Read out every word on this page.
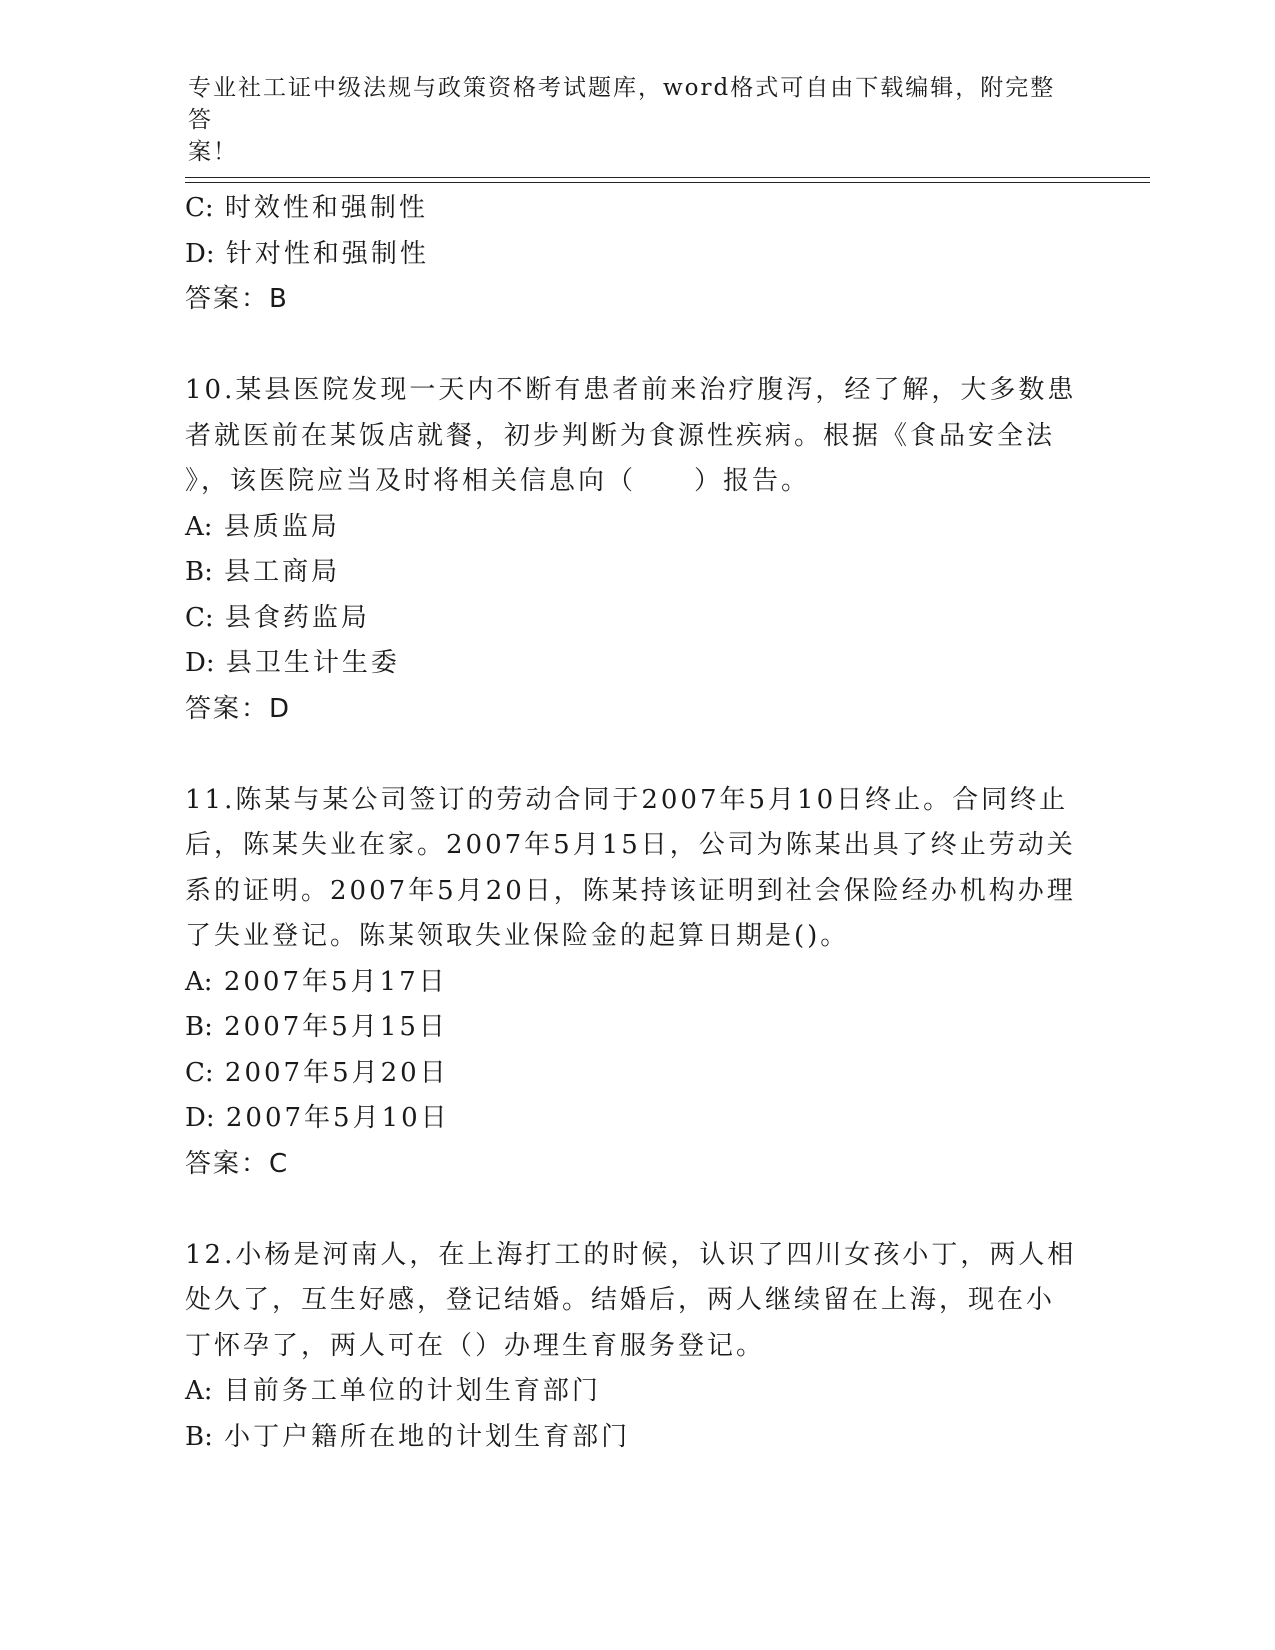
专业社工证中级法规与政策资格考试题库，word格式可自由下载编辑，附完整答
案！
C: 时效性和强制性
D: 针对性和强制性
答案：B
10.某县医院发现一天内不断有患者前来治疗腹泻，经了解，大多数患
者就医前在某饭店就餐，初步判断为食源性疾病。根据《食品安全法
》，该医院应当及时将相关信息向（　　）报告。
A: 县质监局
B: 县工商局
C: 县食药监局
D: 县卫生计生委
答案：D
11.陈某与某公司签订的劳动合同于2007年5月10日终止。合同终止
后，陈某失业在家。2007年5月15日，公司为陈某出具了终止劳动关
系的证明。2007年5月20日，陈某持该证明到社会保险经办机构办理
了失业登记。陈某领取失业保险金的起算日期是()。
A: 2007年5月17日
B: 2007年5月15日
C: 2007年5月20日
D: 2007年5月10日
答案：C
12.小杨是河南人，在上海打工的时候，认识了四川女孩小丁，两人相
处久了，互生好感，登记结婚。结婚后，两人继续留在上海，现在小
丁怀孕了，两人可在（）办理生育服务登记。
A: 目前务工单位的计划生育部门
B: 小丁户籍所在地的计划生育部门
